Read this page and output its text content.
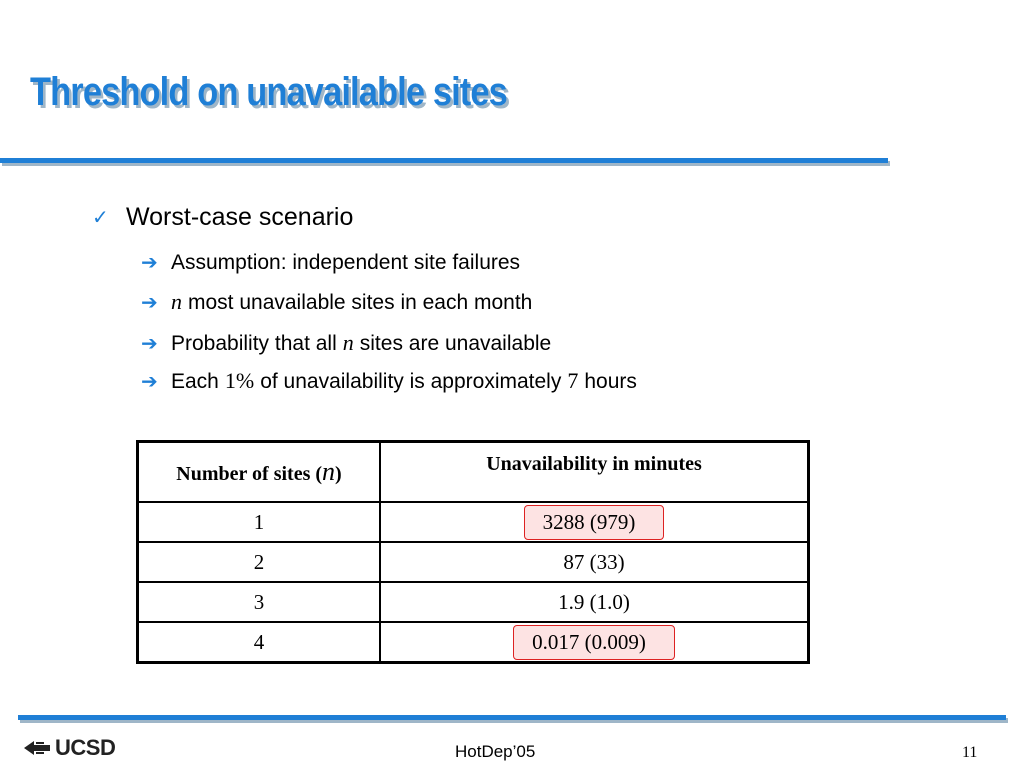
Threshold on unavailable sites
✓ Worst-case scenario
➔ Assumption: independent site failures
➔ n most unavailable sites in each month
➔ Probability that all n sites are unavailable
➔ Each 1% of unavailability is approximately 7 hours
Number of sites (n)	Unavailability in minutes
1	3288 (979)
2	87 (33)
3	1.9 (1.0)
4	0.017 (0.009)
UCSD	HotDep’05	11
